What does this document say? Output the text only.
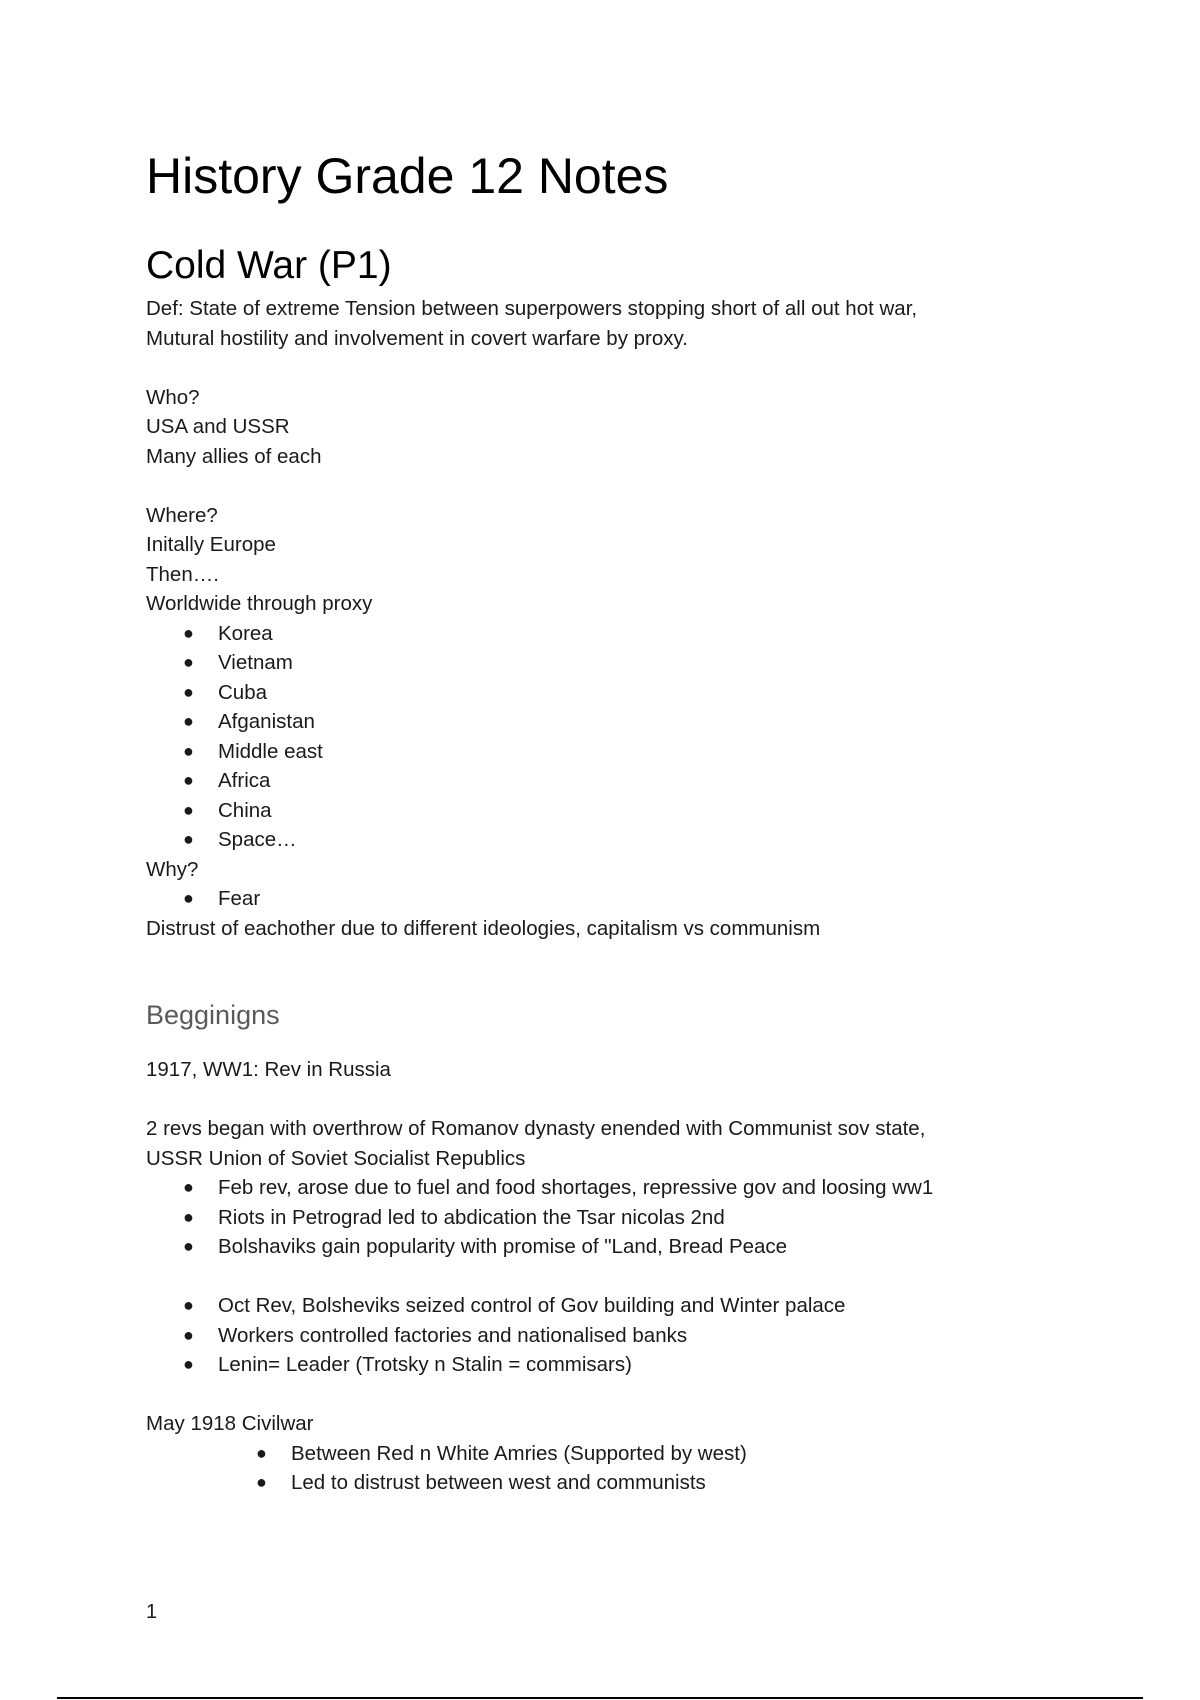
History Grade 12 Notes
Cold War (P1)

Def: State of extreme Tension between superpowers stopping short of all out hot war,

Mutural hostility and involvement in covert warfare by proxy.

Who?

USA and USSR

Many allies of each

Where?

Initally Europe

Then….

Worldwide through proxy

● Korea
● Vietnam
● Cuba
● Afganistan
● Middle east
● Africa
● China
● Space…

Why?

● Fear

Distrust of eachother due to different ideologies, capitalism vs communism

Begginigns

1917, WW1: Rev in Russia

2 revs began with overthrow of Romanov dynasty enended with Communist sov state,

USSR Union of Soviet Socialist Republics

● Feb rev, arose due to fuel and food shortages, repressive gov and loosing ww1
● Riots in Petrograd led to abdication the Tsar nicolas 2nd
● Bolshaviks gain popularity with promise of "Land, Bread Peace
● Oct Rev, Bolsheviks seized control of Gov building and Winter palace
● Workers controlled factories and nationalised banks
● Lenin= Leader (Trotsky n Stalin = commisars)

May 1918 Civilwar

● Between Red n White Amries (Supported by west)
● Led to distrust between west and communists
1
